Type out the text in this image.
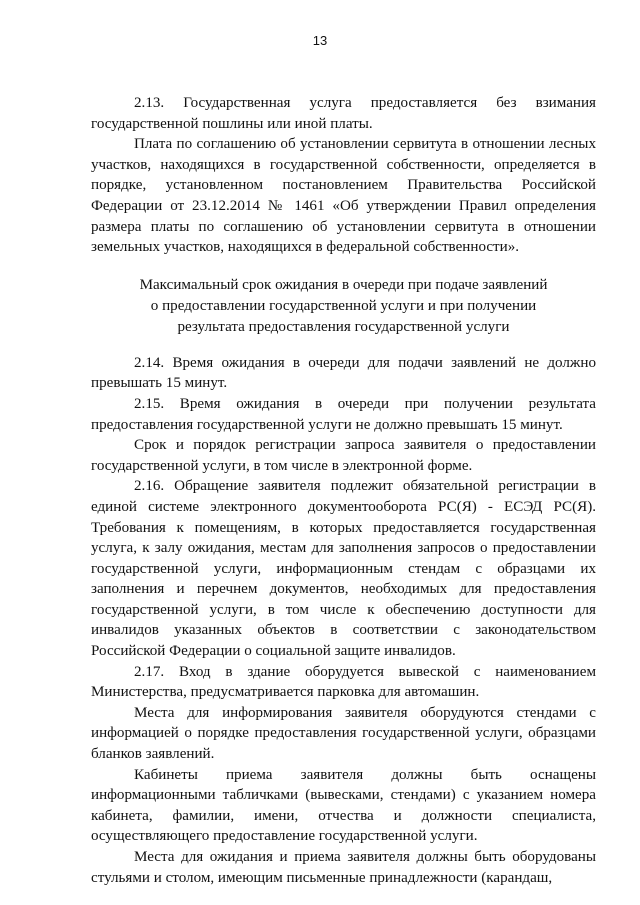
13

2.13. Государственная услуга предоставляется без взимания государственной пошлины или иной платы.

Плата по соглашению об установлении сервитута в отношении лесных участков, находящихся в государственной собственности, определяется в порядке, установленном постановлением Правительства Российской Федерации от 23.12.2014 № 1461 «Об утверждении Правил определения размера платы по соглашению об установлении сервитута в отношении земельных участков, находящихся в федеральной собственности».

Максимальный срок ожидания в очереди при подаче заявлений
о предоставлении государственной услуги и при получении
результата предоставления государственной услуги

2.14. Время ожидания в очереди для подачи заявлений не должно превышать 15 минут.

2.15. Время ожидания в очереди при получении результата предоставления государственной услуги не должно превышать 15 минут.

Срок и порядок регистрации запроса заявителя о предоставлении государственной услуги, в том числе в электронной форме.

2.16. Обращение заявителя подлежит обязательной регистрации в единой системе электронного документооборота РС(Я) - ЕСЭД РС(Я). Требования к помещениям, в которых предоставляется государственная услуга, к залу ожидания, местам для заполнения запросов о предоставлении государственной услуги, информационным стендам с образцами их заполнения и перечнем документов, необходимых для предоставления государственной услуги, в том числе к обеспечению доступности для инвалидов указанных объектов в соответствии с законодательством Российской Федерации о социальной защите инвалидов.

2.17. Вход в здание оборудуется вывеской с наименованием Министерства, предусматривается парковка для автомашин.

Места для информирования заявителя оборудуются стендами с информацией о порядке предоставления государственной услуги, образцами бланков заявлений.

Кабинеты приема заявителя должны быть оснащены информационными табличками (вывесками, стендами) с указанием номера кабинета, фамилии, имени, отчества и должности специалиста, осуществляющего предоставление государственной услуги.

Места для ожидания и приема заявителя должны быть оборудованы стульями и столом, имеющим письменные принадлежности (карандаш,
